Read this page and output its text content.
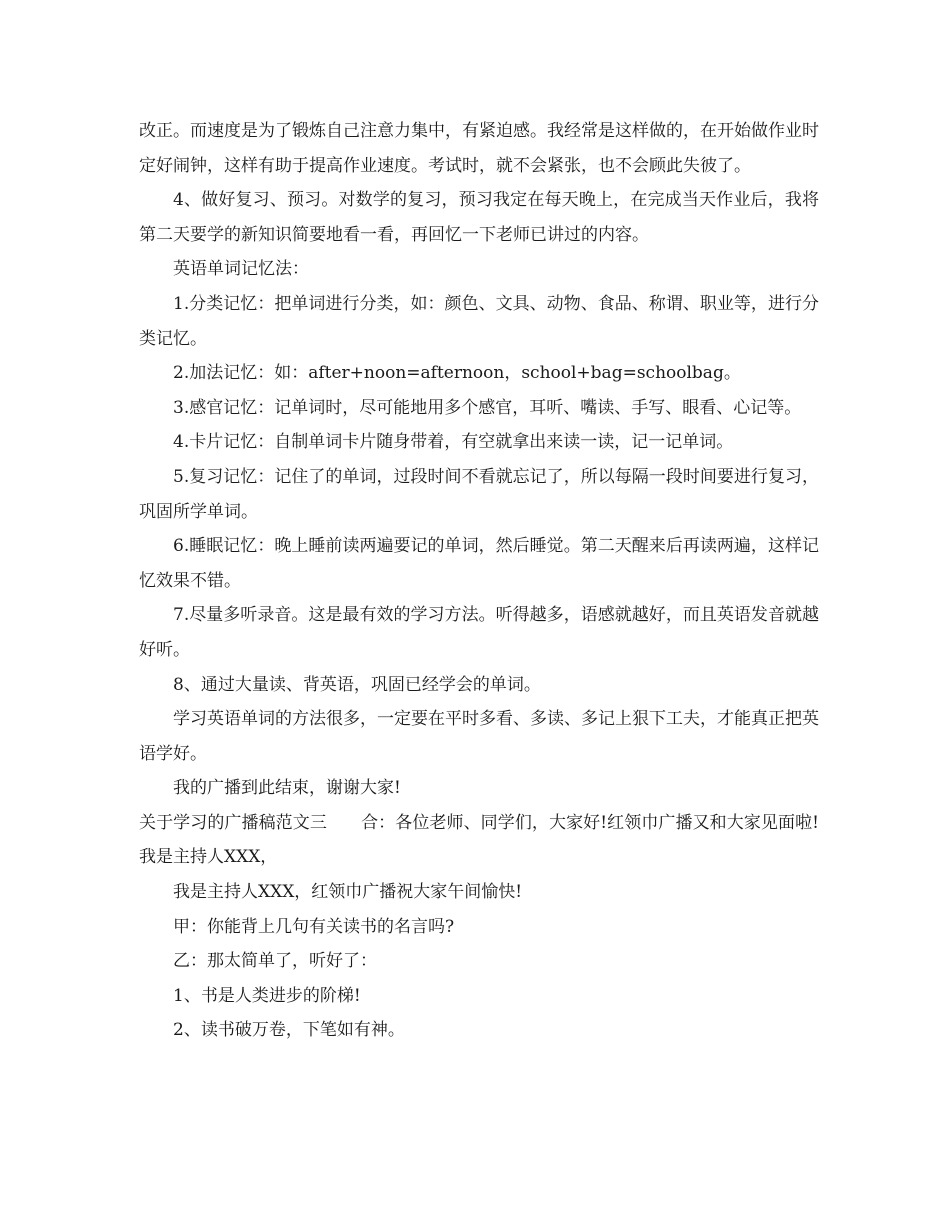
改正。而速度是为了锻炼自己注意力集中，有紧迫感。我经常是这样做的，在开始做作业时定好闹钟，这样有助于提高作业速度。考试时，就不会紧张，也不会顾此失彼了。

4、做好复习、预习。对数学的复习，预习我定在每天晚上，在完成当天作业后，我将第二天要学的新知识简要地看一看，再回忆一下老师已讲过的内容。

英语单词记忆法：

1.分类记忆：把单词进行分类，如：颜色、文具、动物、食品、称谓、职业等，进行分类记忆。

2.加法记忆：如：after+noon=afternoon，school+bag=schoolbag。

3.感官记忆：记单词时，尽可能地用多个感官，耳听、嘴读、手写、眼看、心记等。

4.卡片记忆：自制单词卡片随身带着，有空就拿出来读一读，记一记单词。

5.复习记忆：记住了的单词，过段时间不看就忘记了，所以每隔一段时间要进行复习，巩固所学单词。

6.睡眠记忆：晚上睡前读两遍要记的单词，然后睡觉。第二天醒来后再读两遍，这样记忆效果不错。

7.尽量多听录音。这是最有效的学习方法。听得越多，语感就越好，而且英语发音就越好听。

8、通过大量读、背英语，巩固已经学会的单词。

学习英语单词的方法很多，一定要在平时多看、多读、多记上狠下工夫，才能真正把英语学好。

我的广播到此结束，谢谢大家!

关于学习的广播稿范文三　　合：各位老师、同学们，大家好!红领巾广播又和大家见面啦!我是主持人XXX，

我是主持人XXX，红领巾广播祝大家午间愉快!

甲：你能背上几句有关读书的名言吗?

乙：那太简单了，听好了：

1、书是人类进步的阶梯!

2、读书破万卷，下笔如有神。
